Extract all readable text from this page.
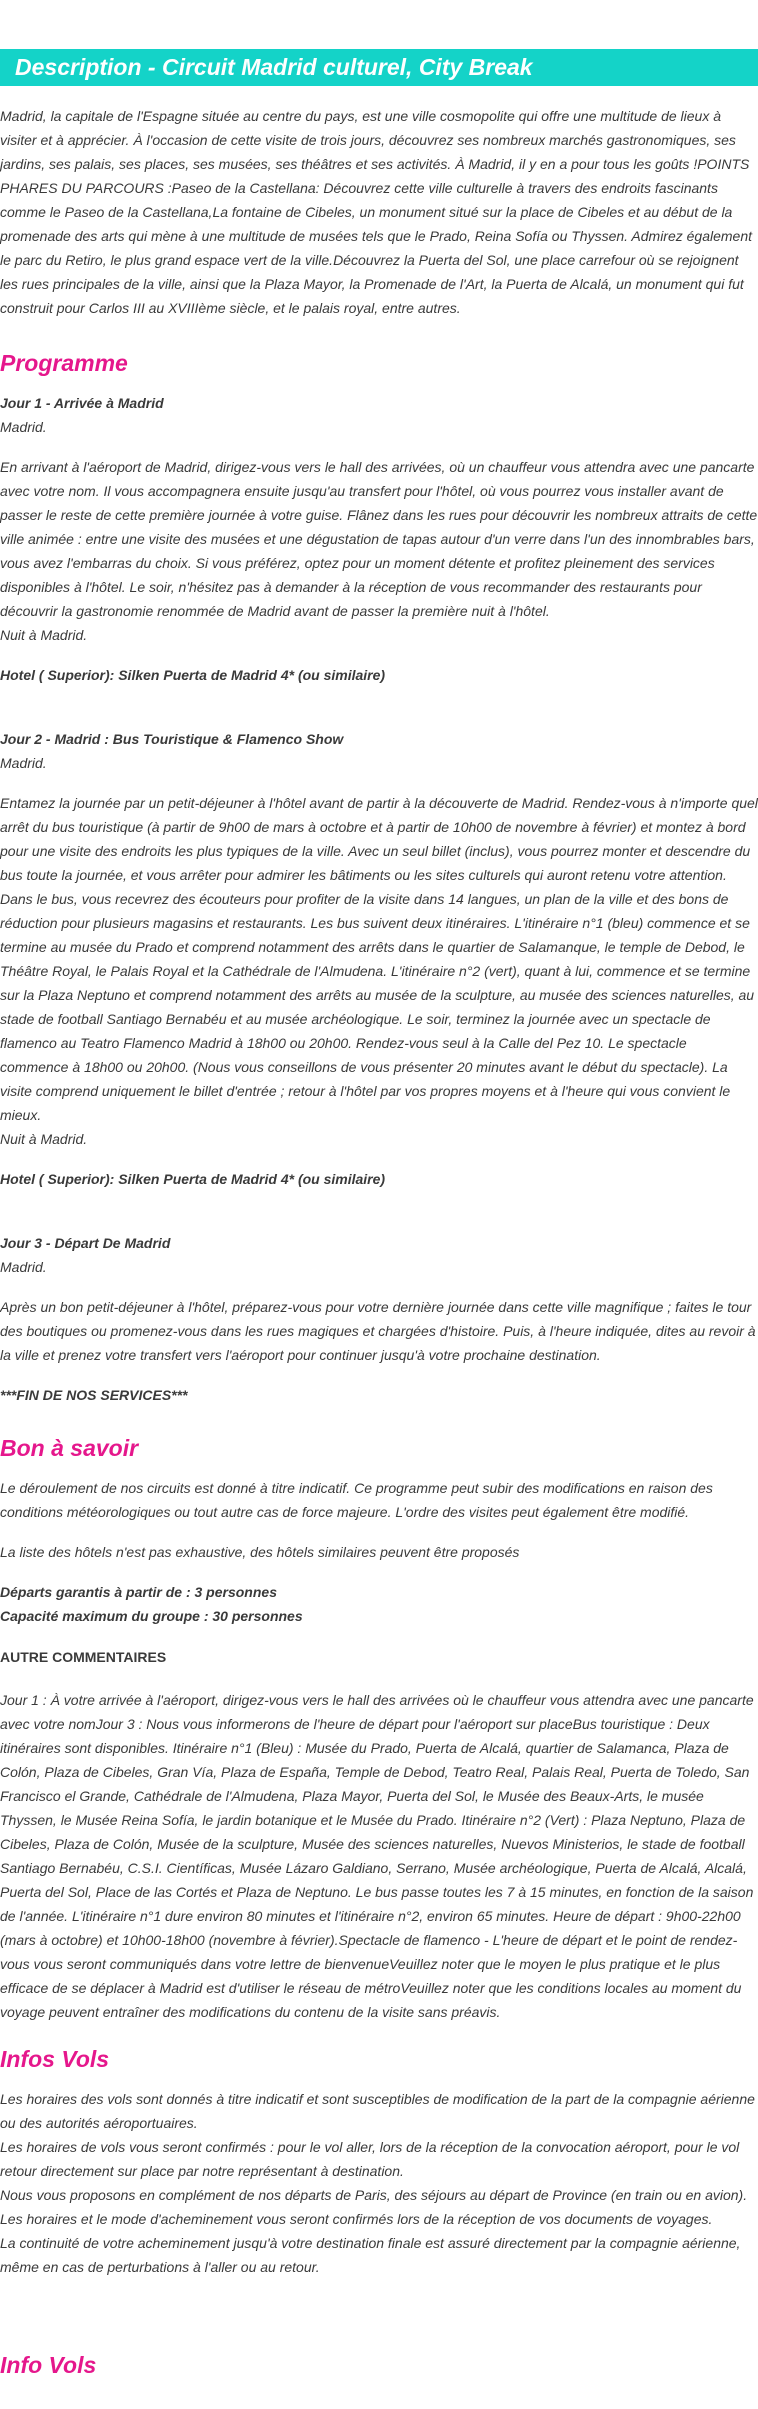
Description - Circuit Madrid culturel, City Break

Madrid, la capitale de l'Espagne située au centre du pays, est une ville cosmopolite qui offre une multitude de lieux à visiter et à apprécier. À l'occasion de cette visite de trois jours, découvrez ses nombreux marchés gastronomiques, ses jardins, ses palais, ses places, ses musées, ses théâtres et ses activités. À Madrid, il y en a pour tous les goûts !POINTS PHARES DU PARCOURS :Paseo de la Castellana: Découvrez cette ville culturelle à travers des endroits fascinants comme le Paseo de la Castellana,La fontaine de Cibeles, un monument situé sur la place de Cibeles et au début de la promenade des arts qui mène à une multitude de musées tels que le Prado, Reina Sofía ou Thyssen. Admirez également le parc du Retiro, le plus grand espace vert de la ville.Découvrez la Puerta del Sol, une place carrefour où se rejoignent les rues principales de la ville, ainsi que la Plaza Mayor, la Promenade de l'Art, la Puerta de Alcalá, un monument qui fut construit pour Carlos III au XVIIIème siècle, et le palais royal, entre autres.

Programme

Jour 1 - Arrivée à Madrid

Madrid.

En arrivant à l'aéroport de Madrid, dirigez-vous vers le hall des arrivées, où un chauffeur vous attendra avec une pancarte avec votre nom. Il vous accompagnera ensuite jusqu'au transfert pour l'hôtel, où vous pourrez vous installer avant de passer le reste de cette première journée à votre guise. Flânez dans les rues pour découvrir les nombreux attraits de cette ville animée : entre une visite des musées et une dégustation de tapas autour d'un verre dans l'un des innombrables bars, vous avez l'embarras du choix. Si vous préférez, optez pour un moment détente et profitez pleinement des services disponibles à l'hôtel. Le soir, n'hésitez pas à demander à la réception de vous recommander des restaurants pour découvrir la gastronomie renommée de Madrid avant de passer la première nuit à l'hôtel.

Nuit à Madrid.

Hotel ( Superior): Silken Puerta de Madrid 4* (ou similaire)

Jour 2 - Madrid : Bus Touristique & Flamenco Show

Madrid.

Entamez la journée par un petit-déjeuner à l'hôtel avant de partir à la découverte de Madrid. Rendez-vous à n'importe quel arrêt du bus touristique (à partir de 9h00 de mars à octobre et à partir de 10h00 de novembre à février) et montez à bord pour une visite des endroits les plus typiques de la ville. Avec un seul billet (inclus), vous pourrez monter et descendre du bus toute la journée, et vous arrêter pour admirer les bâtiments ou les sites culturels qui auront retenu votre attention. Dans le bus, vous recevrez des écouteurs pour profiter de la visite dans 14 langues, un plan de la ville et des bons de réduction pour plusieurs magasins et restaurants. Les bus suivent deux itinéraires. L'itinéraire n°1 (bleu) commence et se termine au musée du Prado et comprend notamment des arrêts dans le quartier de Salamanque, le temple de Debod, le Théâtre Royal, le Palais Royal et la Cathédrale de l'Almudena. L'itinéraire n°2 (vert), quant à lui, commence et se termine sur la Plaza Neptuno et comprend notamment des arrêts au musée de la sculpture, au musée des sciences naturelles, au stade de football Santiago Bernabéu et au musée archéologique. Le soir, terminez la journée avec un spectacle de flamenco au Teatro Flamenco Madrid à 18h00 ou 20h00. Rendez-vous seul à la Calle del Pez 10. Le spectacle commence à 18h00 ou 20h00. (Nous vous conseillons de vous présenter 20 minutes avant le début du spectacle). La visite comprend uniquement le billet d'entrée ; retour à l'hôtel par vos propres moyens et à l'heure qui vous convient le mieux.

Nuit à Madrid.

Hotel ( Superior): Silken Puerta de Madrid 4* (ou similaire)

Jour 3 - Départ De Madrid

Madrid.

Après un bon petit-déjeuner à l'hôtel, préparez-vous pour votre dernière journée dans cette ville magnifique ; faites le tour des boutiques ou promenez-vous dans les rues magiques et chargées d'histoire. Puis, à l'heure indiquée, dites au revoir à la ville et prenez votre transfert vers l'aéroport pour continuer jusqu'à votre prochaine destination.

***FIN DE NOS SERVICES***

Bon à savoir

Le déroulement de nos circuits est donné à titre indicatif. Ce programme peut subir des modifications en raison des conditions météorologiques ou tout autre cas de force majeure. L'ordre des visites peut également être modifié.

La liste des hôtels n'est pas exhaustive, des hôtels similaires peuvent être proposés

Départs garantis à partir de : 3 personnes

Capacité maximum du groupe : 30 personnes

AUTRE COMMENTAIRES

Jour 1 : À votre arrivée à l'aéroport, dirigez-vous vers le hall des arrivées où le chauffeur vous attendra avec une pancarte avec votre nomJour 3 : Nous vous informerons de l'heure de départ pour l'aéroport sur placeBus touristique : Deux itinéraires sont disponibles. Itinéraire n°1 (Bleu) : Musée du Prado, Puerta de Alcalá, quartier de Salamanca, Plaza de Colón, Plaza de Cibeles, Gran Vía, Plaza de España, Temple de Debod, Teatro Real, Palais Real, Puerta de Toledo, San Francisco el Grande, Cathédrale de l'Almudena, Plaza Mayor, Puerta del Sol, le Musée des Beaux-Arts, le musée Thyssen, le Musée Reina Sofía, le jardin botanique et le Musée du Prado. Itinéraire n°2 (Vert) : Plaza Neptuno, Plaza de Cibeles, Plaza de Colón, Musée de la sculpture, Musée des sciences naturelles, Nuevos Ministerios, le stade de football Santiago Bernabéu, C.S.I. Científicas, Musée Lázaro Galdiano, Serrano, Musée archéologique, Puerta de Alcalá, Alcalá, Puerta del Sol, Place de las Cortés et Plaza de Neptuno. Le bus passe toutes les 7 à 15 minutes, en fonction de la saison de l'année. L'itinéraire n°1 dure environ 80 minutes et l'itinéraire n°2, environ 65 minutes. Heure de départ : 9h00-22h00 (mars à octobre) et 10h00-18h00 (novembre à février).Spectacle de flamenco - L'heure de départ et le point de rendez-vous vous seront communiqués dans votre lettre de bienvenueVeuillez noter que le moyen le plus pratique et le plus efficace de se déplacer à Madrid est d'utiliser le réseau de métroVeuillez noter que les conditions locales au moment du voyage peuvent entraîner des modifications du contenu de la visite sans préavis.

Infos Vols

Les horaires des vols sont donnés à titre indicatif et sont susceptibles de modification de la part de la compagnie aérienne ou des autorités aéroportuaires.

Les horaires de vols vous seront confirmés : pour le vol aller, lors de la réception de la convocation aéroport, pour le vol retour directement sur place par notre représentant à destination.

Nous vous proposons en complément de nos départs de Paris, des séjours au départ de Province (en train ou en avion).

Les horaires et le mode d'acheminement vous seront confirmés lors de la réception de vos documents de voyages.

La continuité de votre acheminement jusqu'à votre destination finale est assuré directement par la compagnie aérienne, même en cas de perturbations à l'aller ou au retour.

Info Vols
